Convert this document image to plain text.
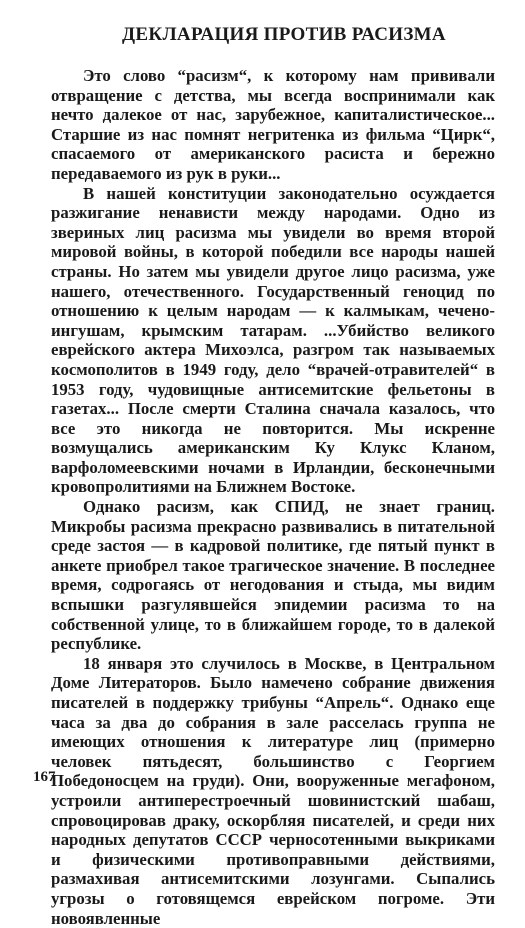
ДЕКЛАРАЦИЯ ПРОТИВ РАСИЗМА

Это слово “расизм“, к которому нам прививали отвращение с детства, мы всегда воспринимали как нечто далекое от нас, зарубежное, капиталистическое... Старшие из нас помнят негритенка из фильма “Цирк“, спасаемого от американского расиста и бережно передаваемого из рук в руки...

В нашей конституции законодательно осуждается разжигание ненависти между народами. Одно из звериных лиц расизма мы увидели во время второй мировой войны, в которой победили все народы нашей страны. Но затем мы увидели другое лицо расизма, уже нашего, отечественного. Государственный геноцид по отношению к целым народам — к калмыкам, чечено-ингушам, крымским татарам. ...Убийство великого еврейского актера Михоэлса, разгром так называемых космополитов в 1949 году, дело “врачей-отравителей“ в 1953 году, чудовищные антисемитские фельетоны в газетах... После смерти Сталина сначала казалось, что все это никогда не повторится. Мы искренне возмущались американским Ку Клукс Кланом, варфоломеевскими ночами в Ирландии, бесконечными кровопролитиями на Ближнем Востоке.

Однако расизм, как СПИД, не знает границ. Микробы расизма прекрасно развивались в питательной среде застоя — в кадровой политике, где пятый пункт в анкете приобрел такое трагическое значение. В последнее время, содрогаясь от негодования и стыда, мы видим вспышки разгулявшейся эпидемии расизма то на собственной улице, то в ближайшем городе, то в далекой республике.

18 января это случилось в Москве, в Центральном Доме Литераторов. Было намечено собрание движения писателей в поддержку трибуны “Апрель“. Однако еще часа за два до собрания в зале расселась группа не имеющих отношения к литературе лиц (примерно человек пятьдесят, большинство с Георгием Победоносцем на груди). Они, вооруженные мегафоном, устроили антиперестроечный шовинистский шабаш, спровоцировав драку, оскорбляя писателей, и среди них народных депутатов СССР черносотенными выкриками и физическими противоправными действиями, размахивая антисемитскими лозунгами. Сыпались угрозы о готовящемся еврейском погроме. Эти новоявленные

167
